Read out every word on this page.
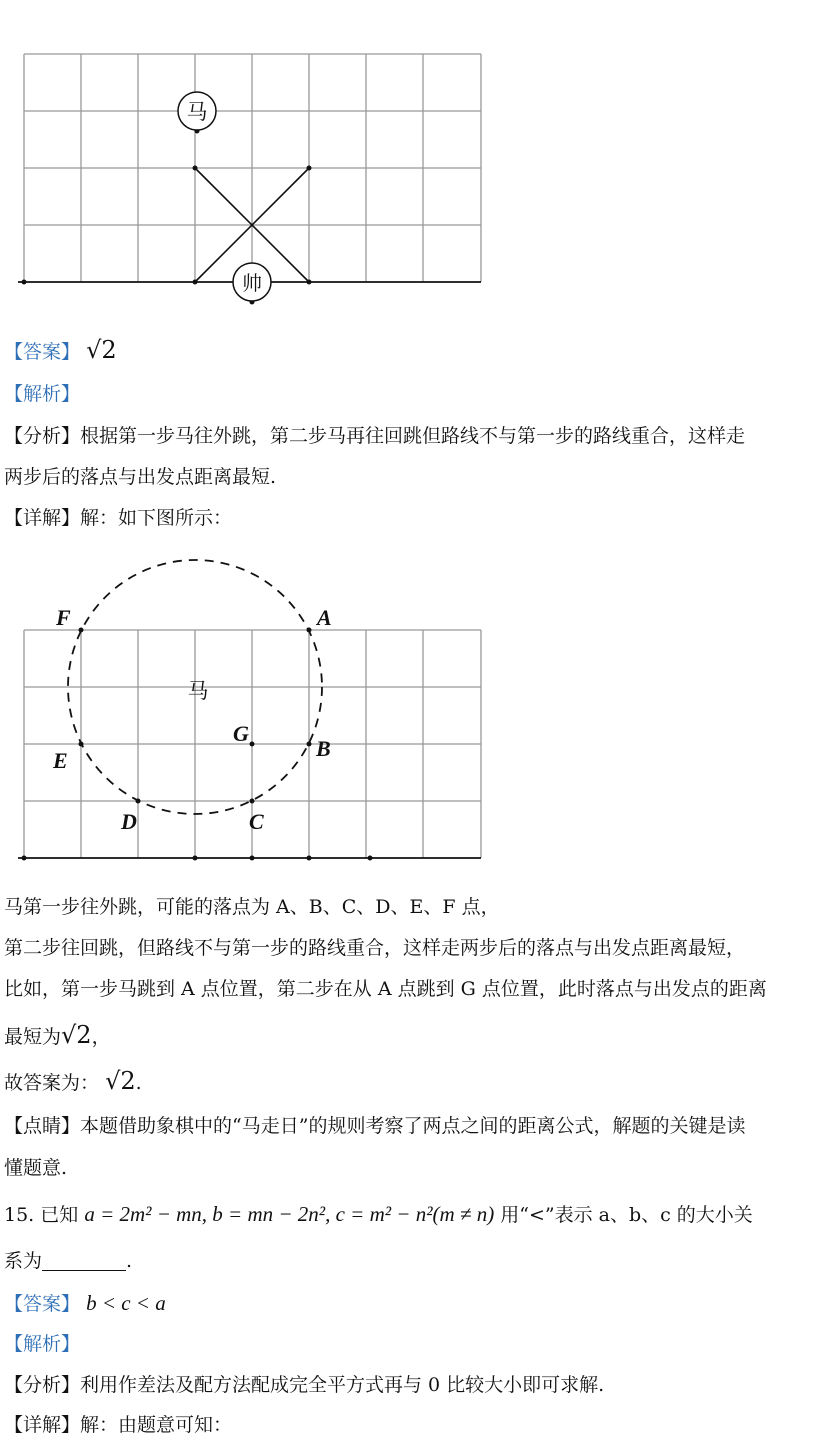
马
帅
【答案】 √2
【解析】
【分析】根据第一步马往外跳，第二步马再往回跳但路线不与第一步的路线重合，这样走
两步后的落点与出发点距离最短.
【详解】解：如下图所示：
马
F	A
G
B
E
D	C
马第一步往外跳，可能的落点为 A、B、C、D、E、F 点，
第二步往回跳，但路线不与第一步的路线重合，这样走两步后的落点与出发点距离最短，
比如，第一步马跳到 A 点位置，第二步在从 A 点跳到 G 点位置，此时落点与出发点的距离
最短为√2，
故答案为： √2.
【点睛】本题借助象棋中的“马走日”的规则考察了两点之间的距离公式，解题的关键是读
懂题意.
15. 已知 a = 2m² − mn, b = mn − 2n², c = m² − n²(m ≠ n) 用“<”表示 a、b、c 的大小关
系为	.
【答案】 b < c < a
【解析】
【分析】利用作差法及配方法配成完全平方式再与 0 比较大小即可求解.
【详解】解：由题意可知：
